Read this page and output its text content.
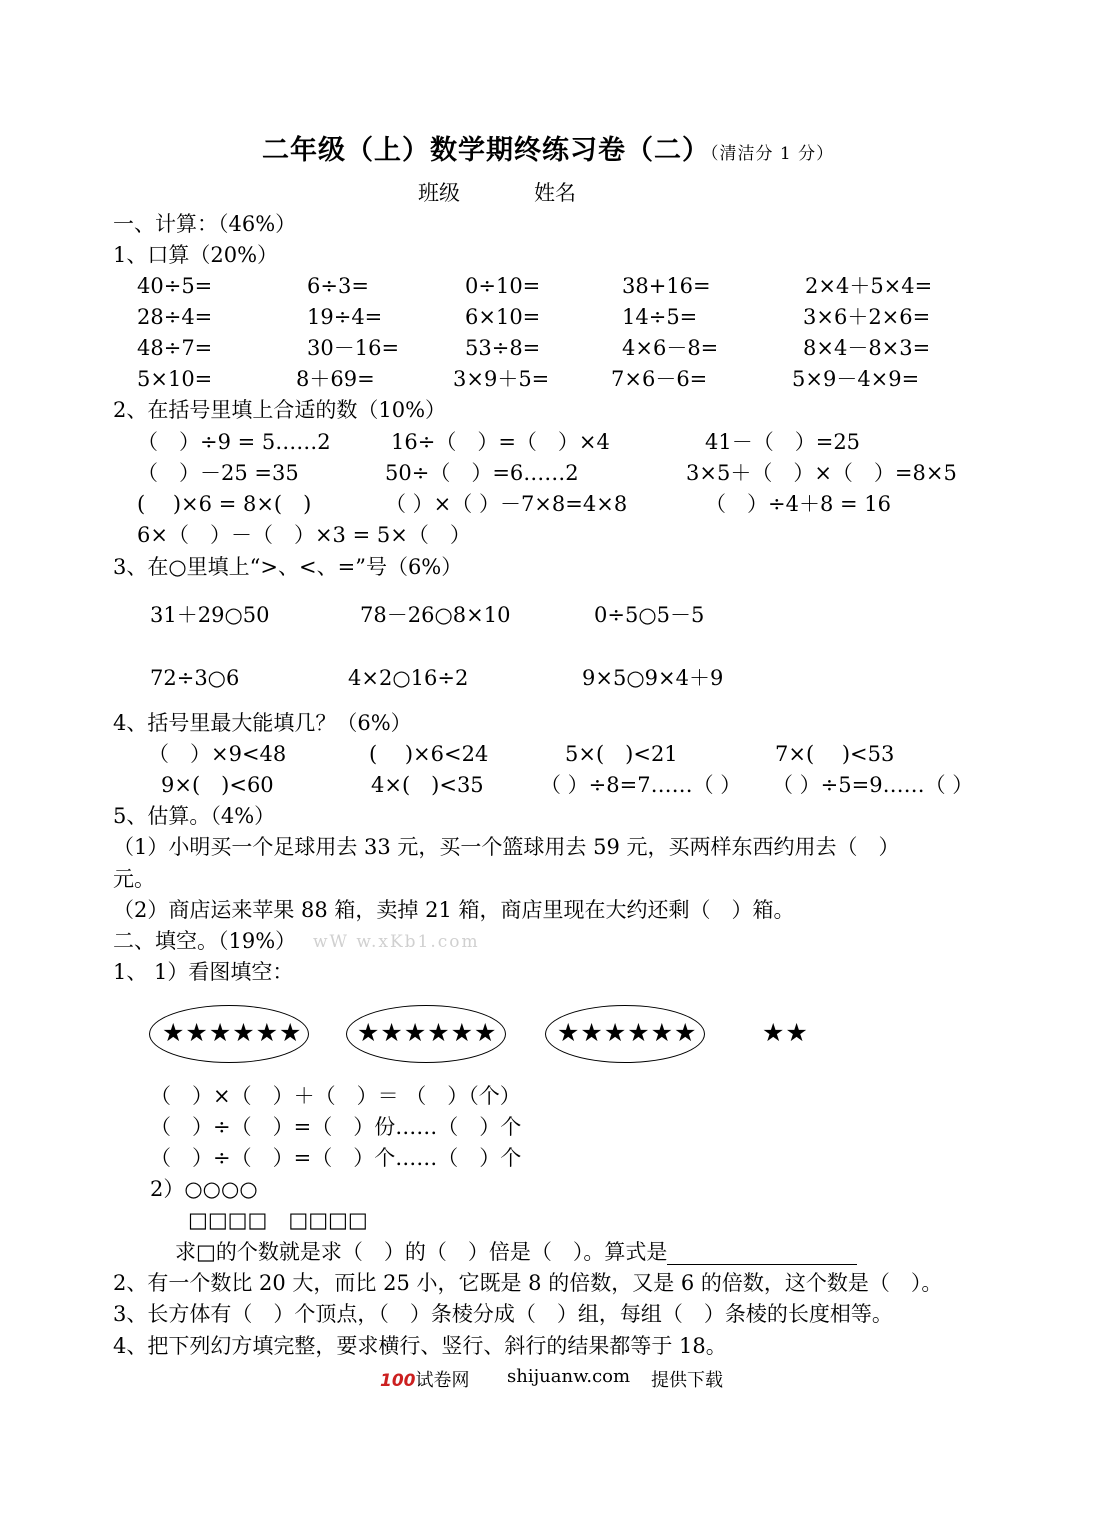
二年级（上）数学期终练习卷（二）（清洁分 1 分）
班级	姓名
一、计算：（46%）
1、口算（20%）
40÷5=	6÷3=	0÷10=	38+16=	2×4＋5×4=
28÷4=	19÷4=	6×10=	14÷5=	3×6＋2×6=
48÷7=	30－16=	53÷8=	4×6－8=	8×4－8×3=
5×10=	8＋69=	3×9＋5=	7×6－6=	5×9－4×9=
2、在括号里填上合适的数（10%）
（　）÷9 = 5……2	16÷（　）=（　）×4	41－（　）=25
（　）－25 =35	50÷（　）=6……2	3×5＋（　）×（　）=8×5
(　 )×6 = 8×(　)	（ ）×（ ）－7×8=4×8	（　）÷4＋8 = 16
6×（　）－（　）×3 = 5×（　）
3、在○里填上“>、<、=”号（6%）
31＋29○50	78－26○8×10	0÷5○5－5
72÷3○6	4×2○16÷2	9×5○9×4＋9
4、括号里最大能填几？（6%）
（　）×9<48	(　 )×6<24	5×(　)<21	7×(　 )<53
9×(　)<60	4×(　)<35	（ ）÷8=7……（ ） （ ）÷5=9……（ ）
5、估算。（4%）
（1）小明买一个足球用去 33 元，买一个篮球用去 59 元，买两样东西约用去（　）
元。
（2）商店运来苹果 88 箱，卖掉 21 箱，商店里现在大约还剩（　）箱。
二、填空。（19%） wW w.xKb1.com
1、 1）看图填空：
★★★★★★ ★★★★★★ ★★★★★★	★★
（　）×（　）＋（　）＝ （　）（个）
（　）÷（　）=（　）份……（　）个
（　）÷（　）=（　）个……（　）个
2）○○○○
□□□□　□□□□
求□的个数就是求（　）的（　）倍是（　）。算式是
2、有一个数比 20 大，而比 25 小，它既是 8 的倍数，又是 6 的倍数，这个数是（　）。
3、长方体有（　）个顶点，（　）条棱分成（　）组，每组（　）条棱的长度相等。
4、把下列幻方填完整，要求横行、竖行、斜行的结果都等于 18。
100试卷网 shijuanw.com 提供下载
